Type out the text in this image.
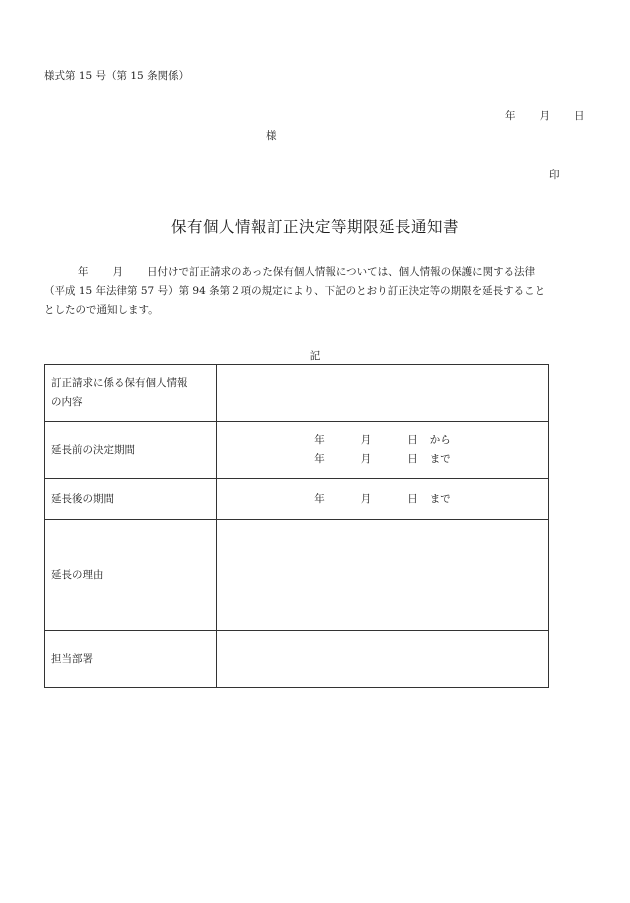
様式第 15 号（第 15 条関係）
年 月 日
様
印
保有個人情報訂正決定等期限延長通知書
年 月 日付けで訂正請求のあった保有個人情報については、個人情報の保護に関する法律
（平成 15 年法律第 57 号）第 94 条第２項の規定により、下記のとおり訂正決定等の期限を延長すること
としたので通知します。
記
訂正請求に係る保有個人情報
の内容	

延長前の決定期間	年 月 日 から
年 月 日 まで

延長後の期間	年 月 日 まで

延長の理由	
担当部署	
